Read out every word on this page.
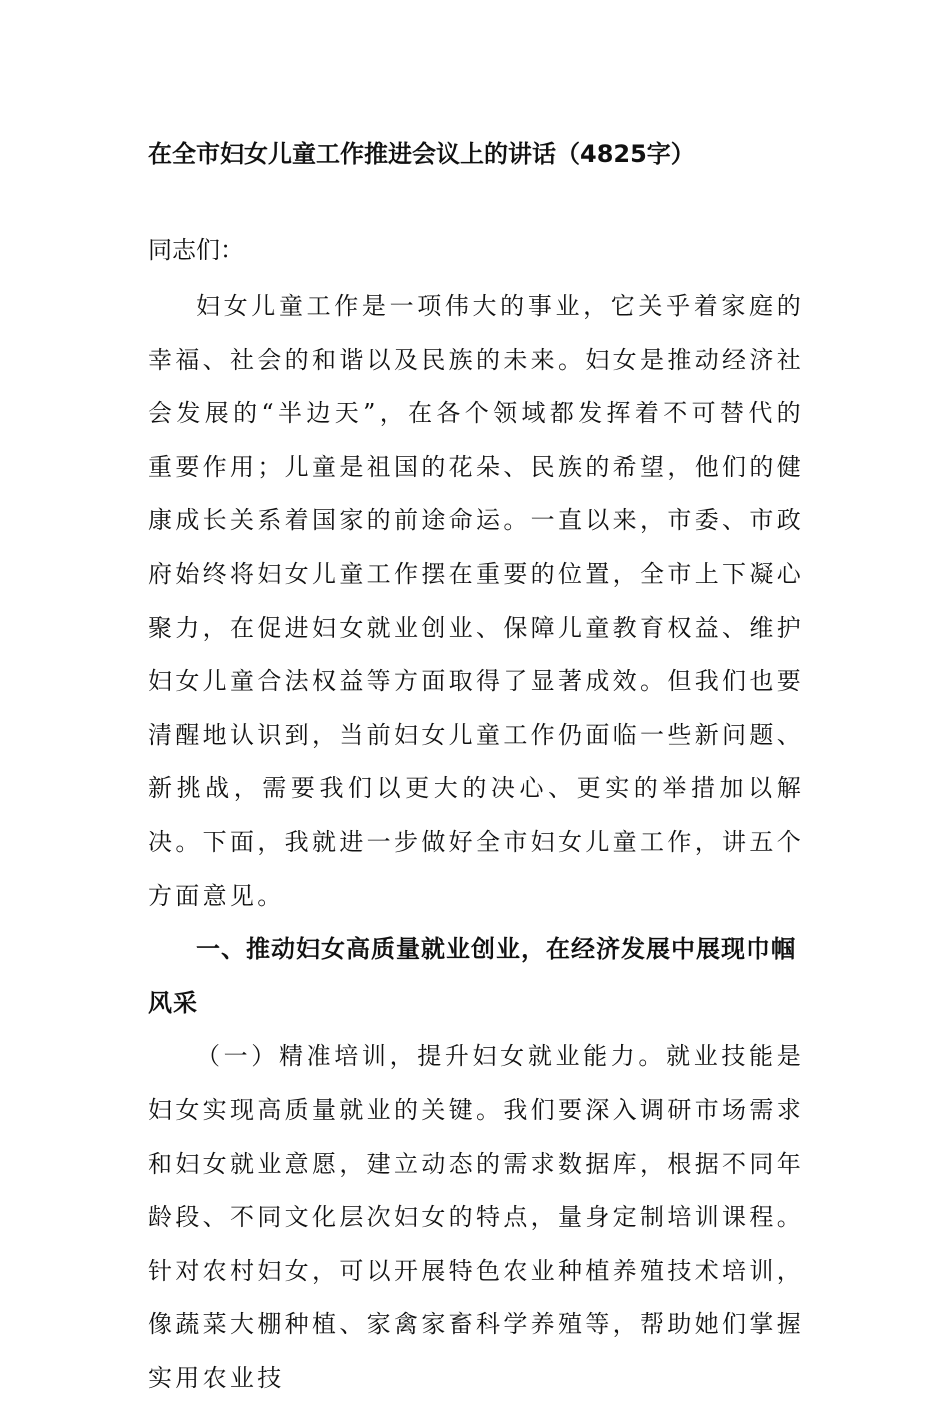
在全市妇女儿童工作推进会议上的讲话（4825字）
同志们：

妇女儿童工作是一项伟大的事业，它关乎着家庭的幸福、社会的和谐以及民族的未来。妇女是推动经济社会发展的“半边天”，在各个领域都发挥着不可替代的重要作用；儿童是祖国的花朵、民族的希望，他们的健康成长关系着国家的前途命运。一直以来，市委、市政府始终将妇女儿童工作摆在重要的位置，全市上下凝心聚力，在促进妇女就业创业、保障儿童教育权益、维护妇女儿童合法权益等方面取得了显著成效。但我们也要清醒地认识到，当前妇女儿童工作仍面临一些新问题、新挑战，需要我们以更大的决心、更实的举措加以解决。下面，我就进一步做好全市妇女儿童工作，讲五个方面意见。

一、推动妇女高质量就业创业，在经济发展中展现巾帼风采

（一）精准培训，提升妇女就业能力。就业技能是妇女实现高质量就业的关键。我们要深入调研市场需求和妇女就业意愿，建立动态的需求数据库，根据不同年龄段、不同文化层次妇女的特点，量身定制培训课程。针对农村妇女，可以开展特色农业种植养殖技术培训，像蔬菜大棚种植、家禽家畜科学养殖等，帮助她们掌握实用农业技
